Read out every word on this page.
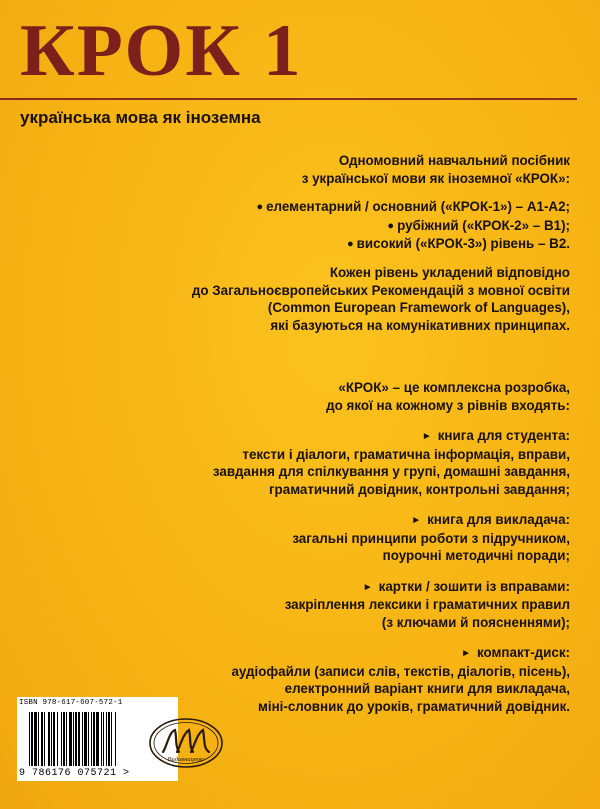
КРОК 1
українська мова як іноземна

Одномовний навчальний посібник

з української мови як іноземної «КРОК»:

● елементарний / основний («КРОК-1») – А1-А2;

● рубіжний («КРОК-2» – В1);

● високий («КРОК-3») рівень – В2.

Кожен рівень укладений відповідно

до Загальноєвропейських Рекомендацій з мовної освіти

(Common European Framework of Languages),

які базуються на комунікативних принципах.

«КРОК» – це комплексна розробка,

до якої на кожному з рівнів входять:

► книга для студента:

тексти і діалоги, граматична інформація, вправи,

завдання для спілкування у групі, домашні завдання,

граматичний довідник, контрольні завдання;

► книга для викладача:

загальні принципи роботи з підручником,

поурочні методичні поради;

► картки / зошити із вправами:

закріплення лексики і граматичних правил

(з ключами й поясненнями);

► компакт-диск:

аудіофайли (записи слів, текстів, діалогів, пісень),

електронний варіант книги для викладача,

міні-словник до уроків, граматичний довідник.

ISBN 978-617-607-572-1
9 786176 075721 >
Видавництво
